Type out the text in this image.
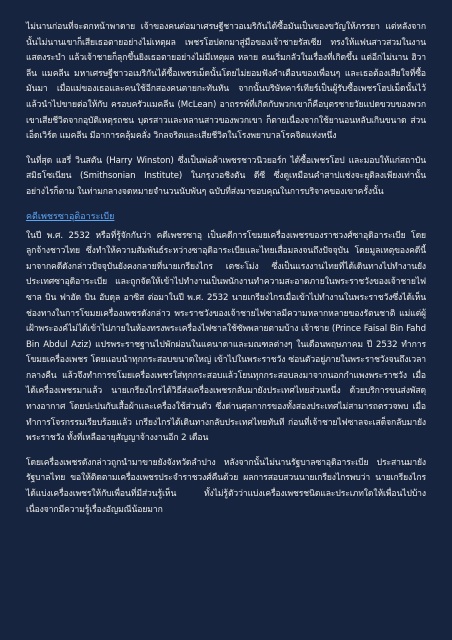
ไม่นานก่อนที่จะตกหน้าพาดาย เจ้าของคนต่อมาเศรษฐีชาวอเมริกันได้ซื้อมันเป็นของขวัญให้ภรรยา แต่หลังจากนั้นไม่นานเขาก็เสียเธอตายอย่างไม่เหตุผล เพชรโฮปตกมาสู่มือของเจ้าชายรัสเซีย ทรงให้แฟนสาวสวมในงานแสดงระบำ แล้วเจ้าชายก็ลุกขึ้นยิงเธอตายอย่างไม่มีเหตุผล หลาย คนเริ่มกลัวในเรื่องที่เกิดขึ้น แต่อีกไม่นาน ฮิวาลีน แมคลีน มหาเศรษฐีชาวอเมริกันได้ซื้อเพชรเม็ดนั้นโดยไม่ยอมฟังคำเตือนของเพื่อนๆ และเธอต้องเสียใจที่ซื้อมันมา เมื่อแม่ของเธอและคนใช้อีกสองคนตายกะทันหัน จากนั้นบริษัทคาร์เทียร์เป็นผู้รับซื้อเพชรโฮปเม็ดนั้นไว้ แล้วนำไปขายต่อให้กับ ครอบครัวแมคลีน (McLean) อาถรรพ์ที่เกิดกับพวกเขาก็คือบุตรชายวัยแปดขวบของพวกเขาเสียชีวิตจากอุบัติเหตุรถชน บุตรสาวและหลานสาวของพวกเขา ก็ตายเนื่องจากใช้ยานอนหลับเกินขนาด ส่วน เอ็ดเวิร์ด แมคลีน มีอาการคลุ้มคลั่ง วิกลจริตและเสียชีวิตในโรงพยาบาลโรคจิตแห่งหนึ่ง

ในที่สุด แฮรี่ วินสตัน (Harry Winston) ซึ่งเป็นพ่อค้าเพชรชาวนิวยอร์ก ได้ซื้อเพชรโฮป และมอบให้แก่สถาบัน สมิธโซเนียน (Smithsonian Institute) ในกรุงวอชิงตัน ดีซี ซึ่งดูเหมือนคำสาปแช่งจะยุติลงเพียงเท่านั้น อย่างไรก็ตาม ในท่ามกลางจดหมายจำนวนนับพันๆ ฉบับที่ส่งมาขอบคุณในการบริจาคของเขาครั้งนั้น

คดีเพชรซาอุดิอาระเบีย

ในปี พ.ศ. 2532 หรือที่รู้จักกันว่า คดีเพชรซาอุ เป็นคดีการโขมยเครื่องเพชรของราชวงศ์ซาอุดิอาระเบีย โดยลูกจ้างชาวไทย ซึ่งทำให้ความสัมพันธ์ระหว่างซาอุดิอาระเบียและไทยเสื่อมลงจนถึงปัจจุบัน โดยมูลเหตุของคดีนี้มาจากคดีดังกล่าวปัจจุบันยังคงกลายที่นายเกรียงไกร เตชะโม่ง ซึ่งเป็นแรงงานไทยที่ได้เดินทางไปทำงานยังประเทศซาอุดิอาระเบีย และถูกจัดให้เข้าไปทำงานเป็นพนักงานทำความสะอาดภายในพระราชวังของเจ้าชายไฟซาล บิน ฟาฮัด บิน อับดุล อาซิส ต่อมาในปี พ.ศ. 2532 นายเกรียงไกรเมื่อเข้าไปทำงานในพระราชวังซึ่งได้เห็นช่องทางในการโขมยเครื่องเพชรดังกล่าว พระราชวังของเจ้าชายไฟซาลมีความหลากหลายของรัตนชาติ แม่แต่ผู้เฝ้าพระองค์ไม่ได้เข้าไปภายในห้องทรงพระเครื่องไฟซาลใช้ซัพพลายตามบ้าง เจ้าชาย (Prince Faisal Bin Fahd Bin Abdul Aziz) แปรพระราชฐานไปพักผ่อนในแคนาดาและมณฑลต่างๆ ในเดือนพฤษภาคม ปี 2532 ทำการโขมยเครื่องเพชร โดยแอบนำทุกกระสอบขนาดใหญ่ เข้าไปในพระราชวัง ซ่อนตัวอยู่ภายในพระราชวังจนถึงเวลากลางคืน แล้วจึงทำการขโมยเครื่องเพชรใส่ทุกกระสอบแล้วโยนทุกกระสอบลงมาจากนอกกำแพงพระราชวัง เมื่อได้เครื่องเพชรมาแล้ว นายเกรียงไกรได้วิธีส่งเครื่องเพชรกลับมายังประเทศไทยส่วนหนึ่ง ด้วยบริการขนส่งพัสดุทางอากาศ โดยปะปนกับเสื้อผ้าและเครื่องใช้ส่วนตัว ซึ่งด่านศุลกากรของทั้งสองประเทศไม่สามารถตรวจพบ เมื่อทำการโจรกรรมเรียบร้อยแล้ว เกรียงไกรได้เดินทางกลับประเทศไทยทันที ก่อนที่เจ้าชายไฟซาลจะเสด็จกลับมายังพระราชวัง ทั้งที่เหลืออายุสัญญาจ้างงานอีก 2 เดือน

โดยเครื่องเพชรดังกล่าวถูกนำมาขายยังจังหวัดลำปาง หลังจากนั้นไม่นานรัฐบาลซาอุดิอาระเบีย ประสานมายังรัฐบาลไทย ขอให้ติดตามเครื่องเพชรประจำราชวงศ์คืนด้วย ผลการสอบสวนนายเกรียงไกรพบว่า นายเกรียงไกรได้แบ่งเครื่องเพชรให้กับเพื่อนที่มีส่วนรู้เห็น ทั้งไม่รู้ตัวว่าแบ่งเครื่องเพชรชนิดและประเภทใดให้เพื่อนไปบ้าง เนื่องจากมีความรู้เรื่องอัญมณีน้อยมาก
